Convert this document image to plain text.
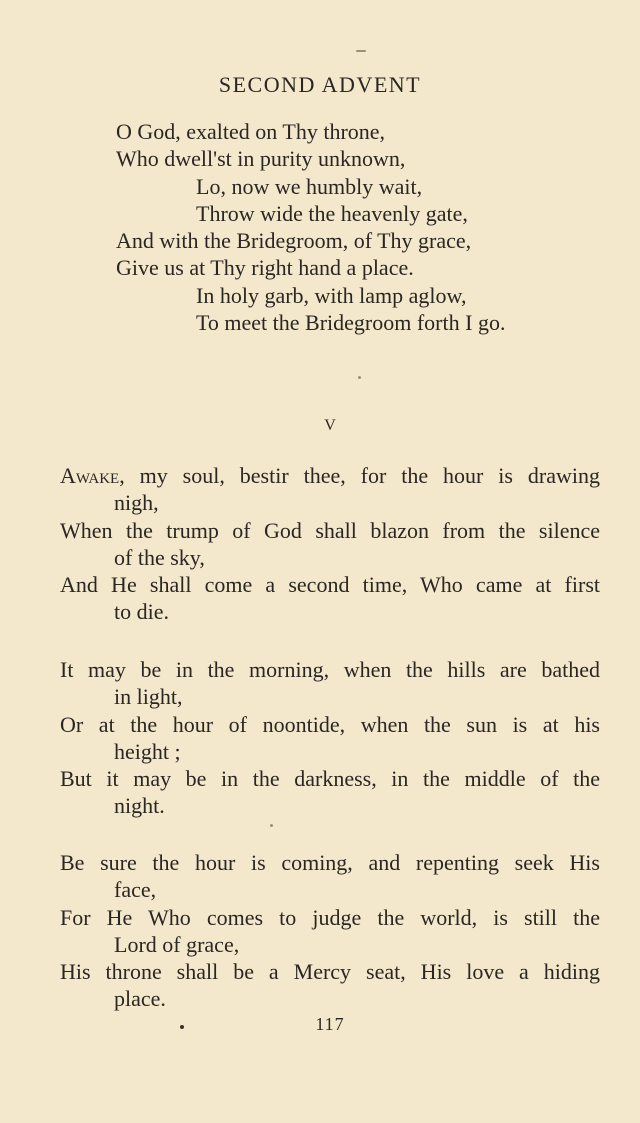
SECOND ADVENT
O God, exalted on Thy throne,
Who dwell'st in purity unknown,
Lo, now we humbly wait,
Throw wide the heavenly gate,
And with the Bridegroom, of Thy grace,
Give us at Thy right hand a place.
In holy garb, with lamp aglow,
To meet the Bridegroom forth I go.
V
Awake, my soul, bestir thee, for the hour is drawing
nigh,
When the trump of God shall blazon from the silence
of the sky,
And He shall come a second time, Who came at first
to die.
It may be in the morning, when the hills are bathed
in light,
Or at the hour of noontide, when the sun is at his
height ;
But it may be in the darkness, in the middle of the
night.
Be sure the hour is coming, and repenting seek His
face,
For He Who comes to judge the world, is still the
Lord of grace,
His throne shall be a Mercy seat, His love a hiding
place.
117
